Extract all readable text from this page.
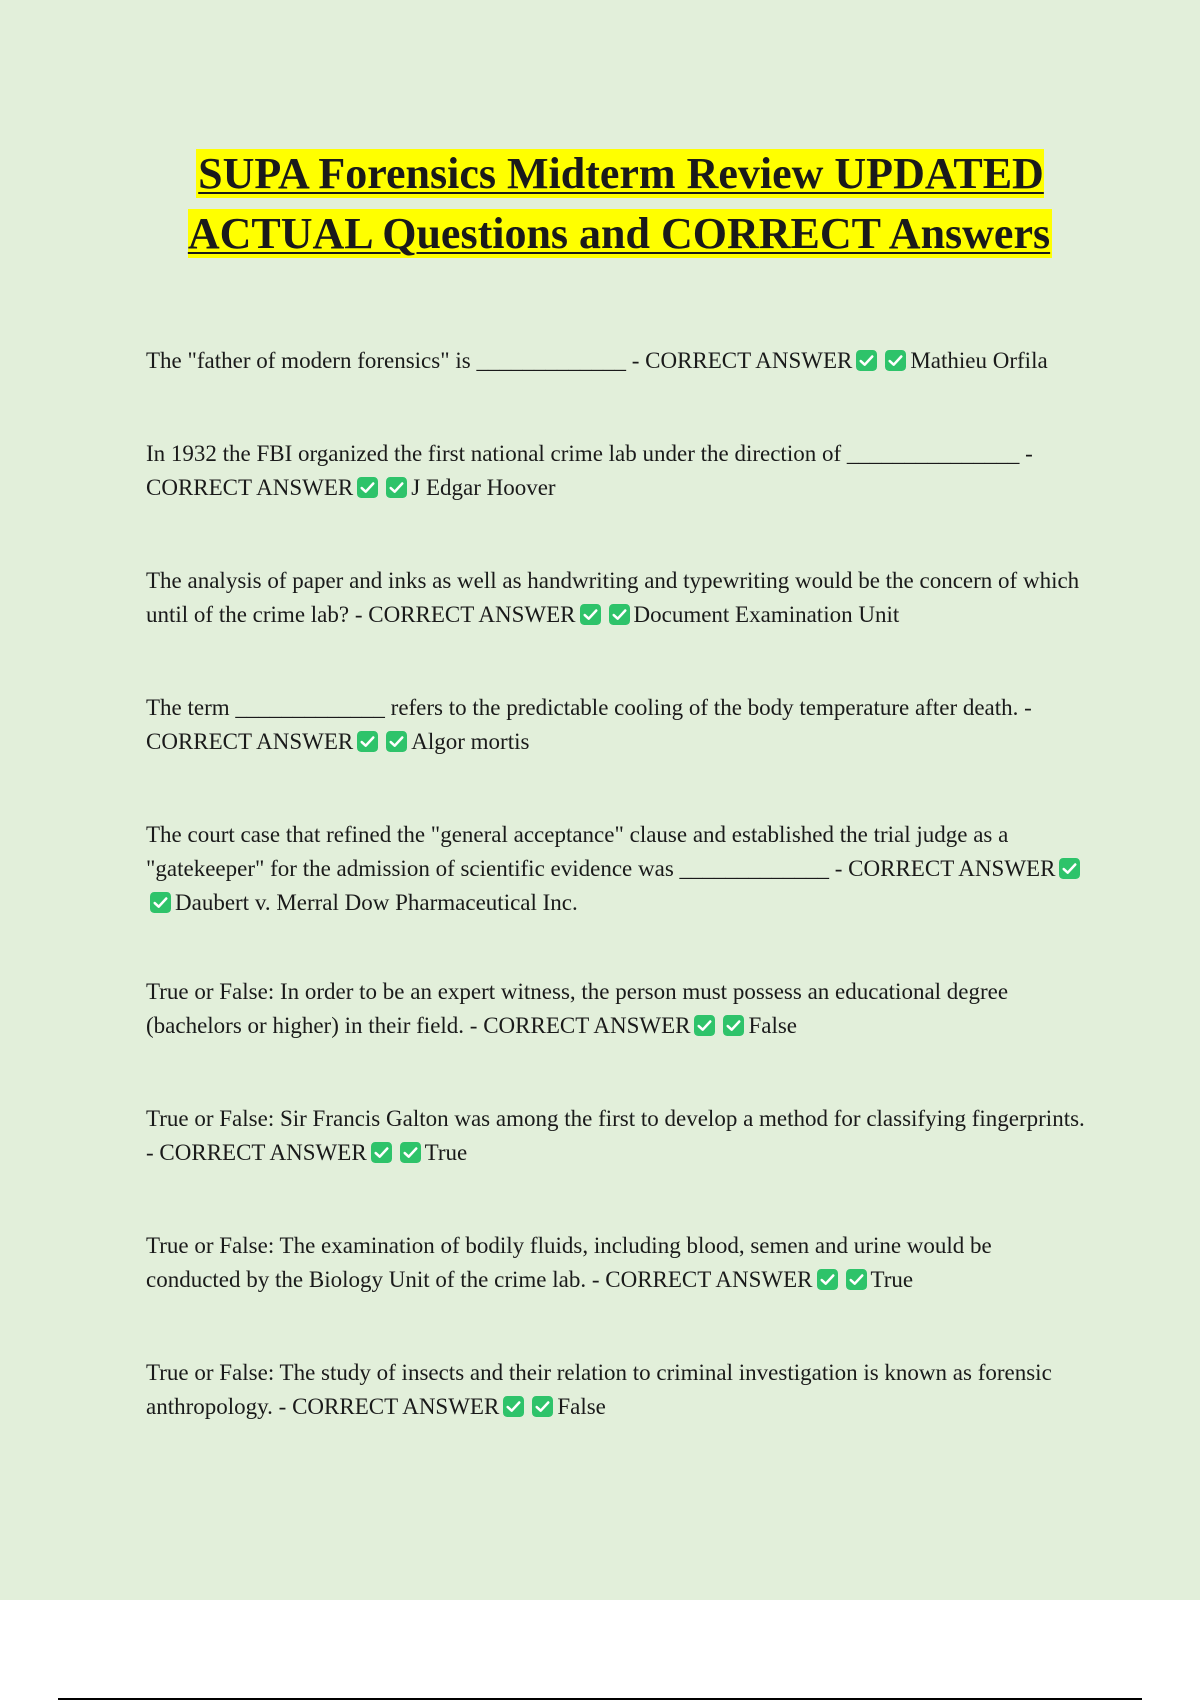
SUPA Forensics Midterm Review UPDATED ACTUAL Questions and CORRECT Answers

The "father of modern forensics" is _____________ - CORRECT ANSWER	Mathieu Orfila

In 1932 the FBI organized the first national crime lab under the direction of _______________ - CORRECT ANSWER	J Edgar Hoover

The analysis of paper and inks as well as handwriting and typewriting would be the concern of which until of the crime lab? - CORRECT ANSWER	Document Examination Unit

The term _____________ refers to the predictable cooling of the body temperature after death. - CORRECT ANSWER	Algor mortis

The court case that refined the "general acceptance" clause and established the trial judge as a "gatekeeper" for the admission of scientific evidence was _____________ - CORRECT ANSWER
Daubert v. Merral Dow Pharmaceutical Inc.

True or False: In order to be an expert witness, the person must possess an educational degree (bachelors or higher) in their field. - CORRECT ANSWER	False

True or False: Sir Francis Galton was among the first to develop a method for classifying fingerprints. - CORRECT ANSWER	True

True or False: The examination of bodily fluids, including blood, semen and urine would be conducted by the Biology Unit of the crime lab. - CORRECT ANSWER	True

True or False: The study of insects and their relation to criminal investigation is known as forensic anthropology. - CORRECT ANSWER	False
